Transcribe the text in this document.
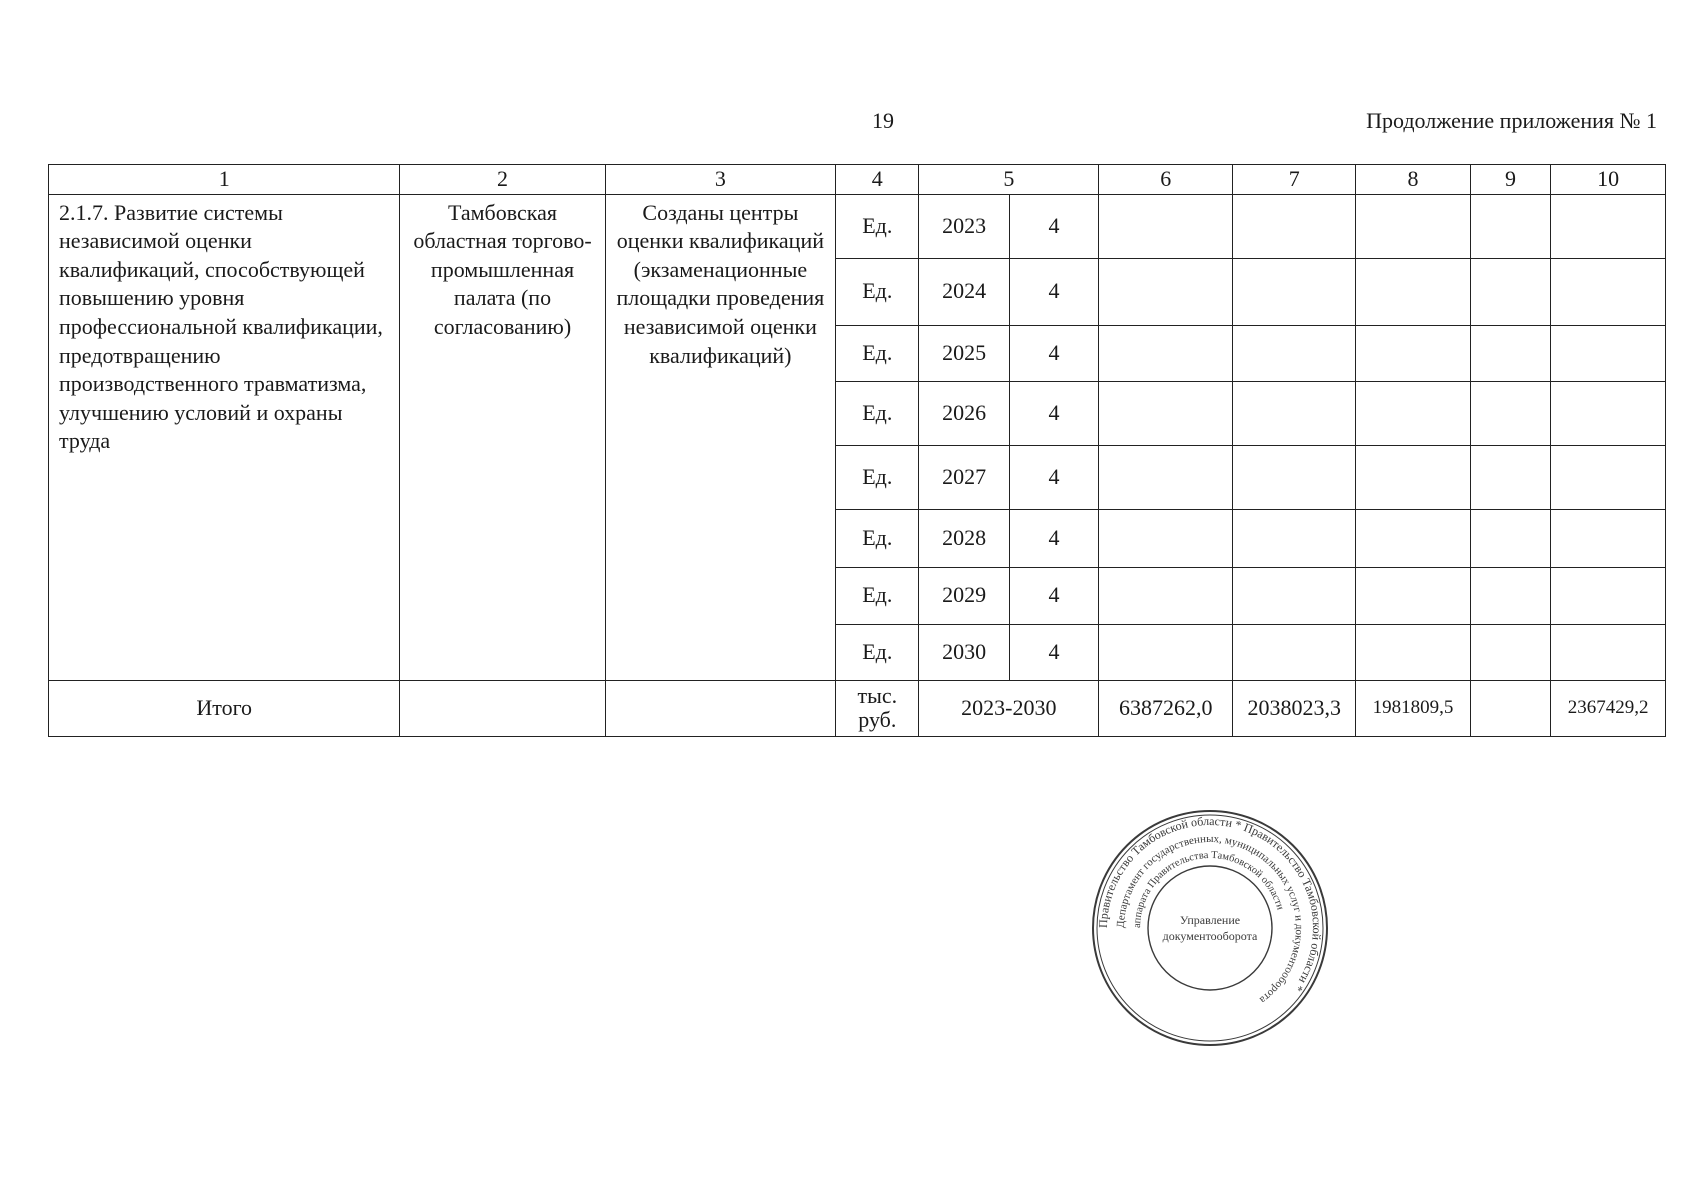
19	Продолжение приложения № 1
1	2	3	4	5		6	7	8	9	10
2.1.7. Развитие системы независимой оценки квалификаций, способствующей повышению уровня профессиональной квалификации, предотвращению производственного травматизма, улучшению условий и охраны труда	Тамбовская областная торгово-промышленная палата (по согласованию)	Созданы центры оценки квалификаций (экзаменационные площадки проведения независимой оценки квалификаций)	Ед.	2023	4					
			Ед.	2024	4					
			Ед.	2025	4					
			Ед.	2026	4					
			Ед.	2027	4					
			Ед.	2028	4					
			Ед.	2029	4					
			Ед.	2030	4					
Итого			тыс. руб.	2023-2030		6387262,0	2038023,3	1981809,5		2367429,2
Правительство Тамбовской области * Правительство Тамбовской области *
Департамент государственных, муниципальных услуг и документооборота
аппарата Правительства Тамбовской области
Управление
документооборота
